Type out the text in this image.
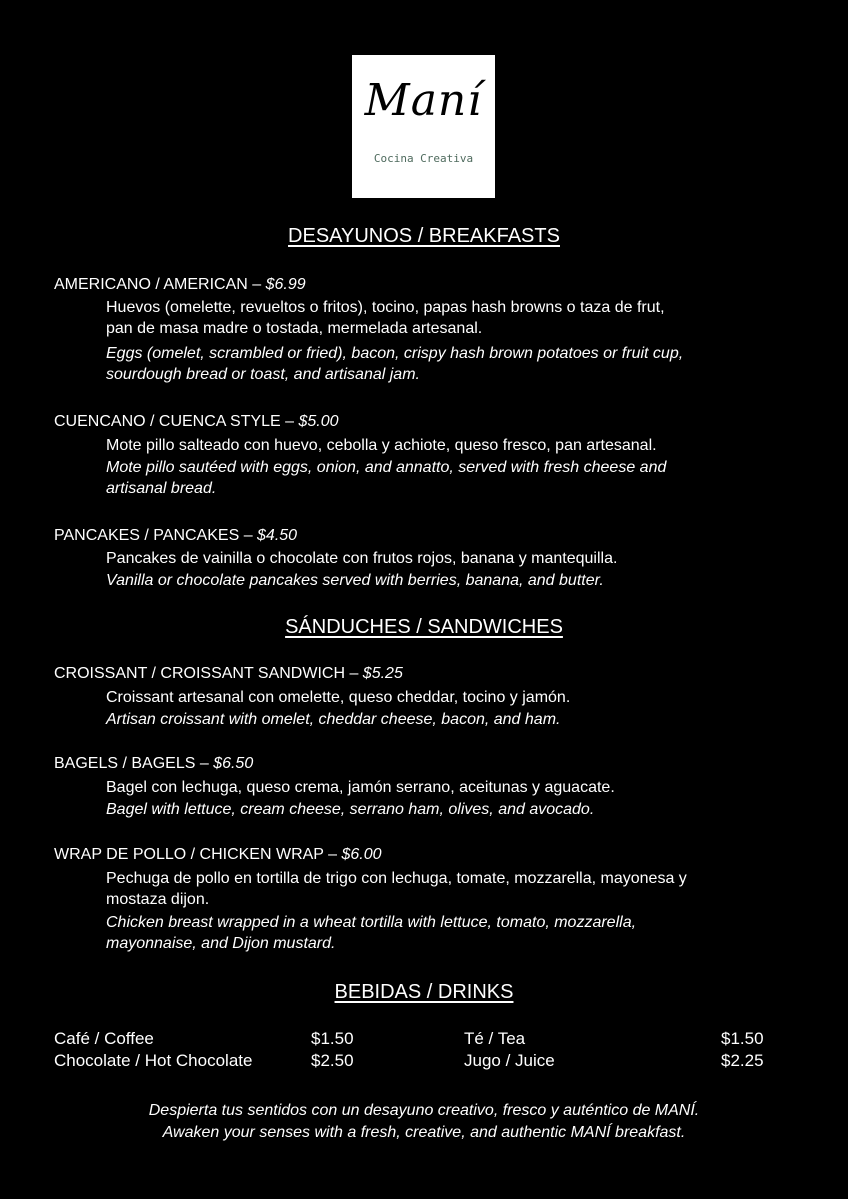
Maní
Cocina Creativa
DESAYUNOS / BREAKFASTS
AMERICANO / AMERICAN – $6.99
Huevos (omelette, revueltos o fritos), tocino, papas hash browns o taza de frut,
pan de masa madre o tostada, mermelada artesanal.
Eggs (omelet, scrambled or fried), bacon, crispy hash brown potatoes or fruit cup,
sourdough bread or toast, and artisanal jam.
CUENCANO / CUENCA STYLE – $5.00
Mote pillo salteado con huevo, cebolla y achiote, queso fresco, pan artesanal.
Mote pillo sautéed with eggs, onion, and annatto, served with fresh cheese and
artisanal bread.
PANCAKES / PANCAKES – $4.50
Pancakes de vainilla o chocolate con frutos rojos, banana y mantequilla.
Vanilla or chocolate pancakes served with berries, banana, and butter.
SÁNDUCHES / SANDWICHES
CROISSANT / CROISSANT SANDWICH – $5.25
Croissant artesanal con omelette, queso cheddar, tocino y jamón.
Artisan croissant with omelet, cheddar cheese, bacon, and ham.
BAGELS / BAGELS – $6.50
Bagel con lechuga, queso crema, jamón serrano, aceitunas y aguacate.
Bagel with lettuce, cream cheese, serrano ham, olives, and avocado.
WRAP DE POLLO / CHICKEN WRAP – $6.00
Pechuga de pollo en tortilla de trigo con lechuga, tomate, mozzarella, mayonesa y
mostaza dijon.
Chicken breast wrapped in a wheat tortilla with lettuce, tomato, mozzarella,
mayonnaise, and Dijon mustard.
BEBIDAS / DRINKS
Café / Coffee	$1.50
Chocolate / Hot Chocolate	$2.50
Té / Tea	$1.50
Jugo / Juice	$2.25
Despierta tus sentidos con un desayuno creativo, fresco y auténtico de MANÍ.
Awaken your senses with a fresh, creative, and authentic MANÍ breakfast.
